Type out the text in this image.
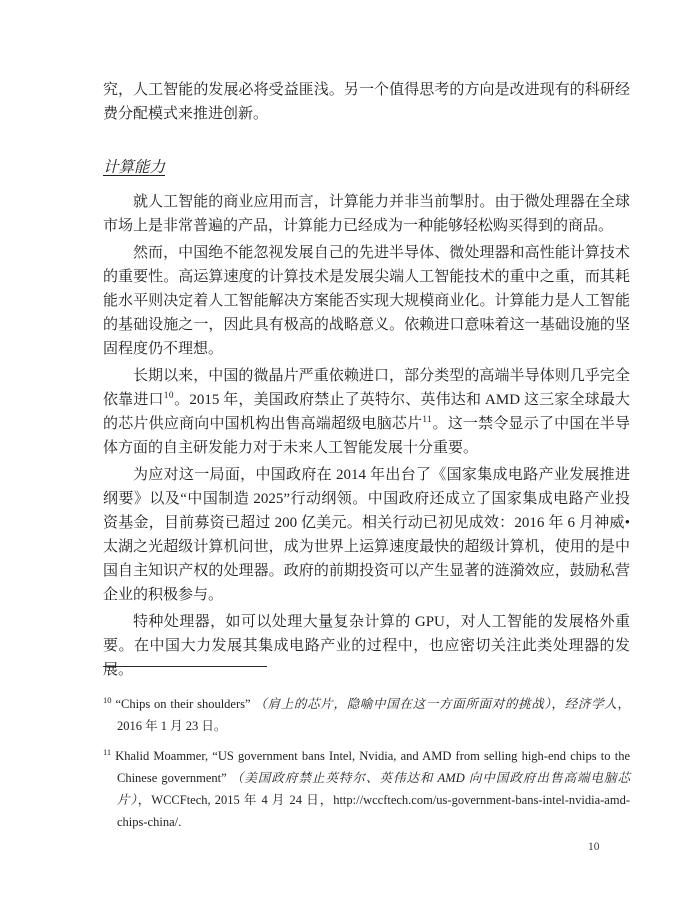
究，人工智能的发展必将受益匪浅。另一个值得思考的方向是改进现有的科研经费分配模式来推进创新。

计算能力

就人工智能的商业应用而言，计算能力并非当前掣肘。由于微处理器在全球市场上是非常普遍的产品，计算能力已经成为一种能够轻松购买得到的商品。

然而，中国绝不能忽视发展自己的先进半导体、微处理器和高性能计算技术的重要性。高运算速度的计算技术是发展尖端人工智能技术的重中之重，而其耗能水平则决定着人工智能解决方案能否实现大规模商业化。计算能力是人工智能的基础设施之一，因此具有极高的战略意义。依赖进口意味着这一基础设施的坚固程度仍不理想。

长期以来，中国的微晶片严重依赖进口，部分类型的高端半导体则几乎完全依靠进口$^{10}$。2015 年，美国政府禁止了英特尔、英伟达和 AMD 这三家全球最大的芯片供应商向中国机构出售高端超级电脑芯片$^{11}$。这一禁令显示了中国在半导体方面的自主研发能力对于未来人工智能发展十分重要。

为应对这一局面，中国政府在 2014 年出台了《国家集成电路产业发展推进纲要》以及“中国制造 2025”行动纲领。中国政府还成立了国家集成电路产业投资基金，目前募资已超过 200 亿美元。相关行动已初见成效：2016 年 6 月神威•太湖之光超级计算机问世，成为世界上运算速度最快的超级计算机，使用的是中国自主知识产权的处理器。政府的前期投资可以产生显著的涟漪效应，鼓励私营企业的积极参与。

特种处理器，如可以处理大量复杂计算的 GPU，对人工智能的发展格外重要。在中国大力发展其集成电路产业的过程中，也应密切关注此类处理器的发展。

$^{10}$ “Chips on their shoulders” （肩上的芯片，隐喻中国在这一方面所面对的挑战），经济学人，2016 年 1 月 23 日。
$^{11}$ Khalid Moammer, “US government bans Intel, Nvidia, and AMD from selling high-end chips to the Chinese government” （美国政府禁止英特尔、英伟达和 AMD 向中国政府出售高端电脑芯片），WCCFtech, 2015 年 4 月 24 日，http://wccftech.com/us-government-bans-intel-nvidia-amd-chips-china/.
10
